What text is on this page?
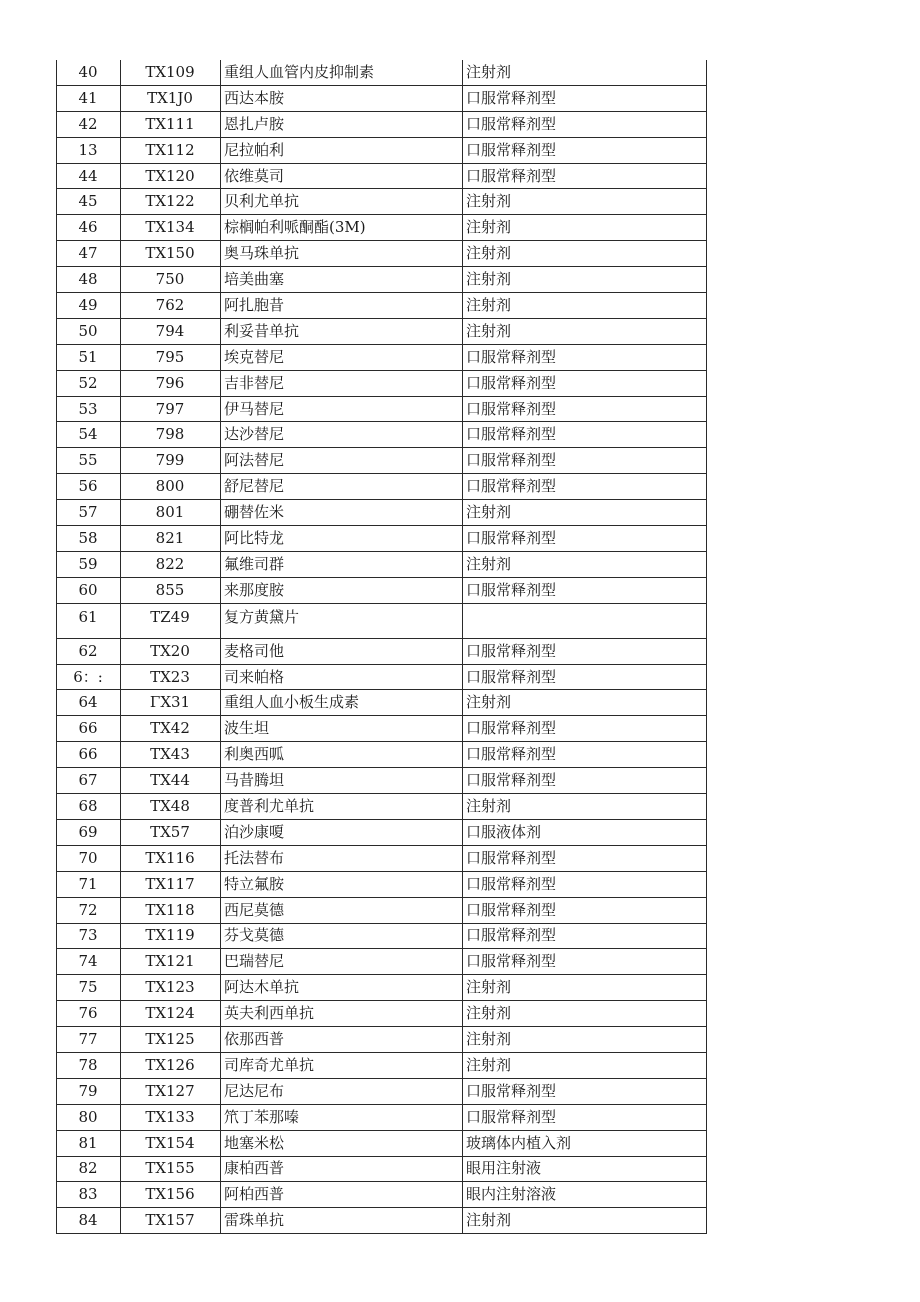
40	TX109	重组人血管内皮抑制素	注射剂
41	TX1J0	西达本胺	口服常释剂型
42	TX111	恩扎卢胺	口服常释剂型
13	TX112	尼拉帕利	口服常释剂型
44	TX120	依维莫司	口服常释剂型
45	TX122	贝利尤单抗	注射剂
46	TX134	棕榈帕利哌酮酯(3M)	注射剂
47	TX150	奥马珠单抗	注射剂
48	750	培美曲塞	注射剂
49	762	阿扎胞昔	注射剂
50	794	利妥昔单抗	注射剂
51	795	埃克替尼	口服常释剂型
52	796	吉非替尼	口服常释剂型
53	797	伊马替尼	口服常释剂型
54	798	达沙替尼	口服常释剂型
55	799	阿法替尼	口服常释剂型
56	800	舒尼替尼	口服常释剂型
57	801	硼替佐米	注射剂
58	821	阿比特龙	口服常释剂型
59	822	氟维司群	注射剂
60	855	来那度胺	口服常释剂型
61	TZ49	复方黄黛片
62	TX20	麦格司他	口服常释剂型
6：:	TX23	司来帕格	口服常释剂型
64	ΓX31	重组人血小板生成素	注射剂
66	TX42	波生坦	口服常释剂型
66	TX43	利奥西呱	口服常释剂型
67	TX44	马昔腾坦	口服常释剂型
68	TX48	度普利尤单抗	注射剂
69	TX57	泊沙康嗄	口服液体剂
70	TX116	托法替布	口服常释剂型
71	TX117	特立氟胺	口服常释剂型
72	TX118	西尼莫德	口服常释剂型
73	TX119	芬戈莫德	口服常释剂型
74	TX121	巴瑞替尼	口服常释剂型
75	TX123	阿达木单抗	注射剂
76	TX124	英夫利西单抗	注射剂
77	TX125	依那西普	注射剂
78	TX126	司库奇尤单抗	注射剂
79	TX127	尼达尼布	口服常释剂型
80	TX133	笊丁苯那嗪	口服常释剂型
81	TX154	地塞米松	玻璃体内植入剂
82	TX155	康柏西普	眼用注射液
83	TX156	阿柏西普	眼内注射溶液
84	TX157	雷珠单抗	注射剂
